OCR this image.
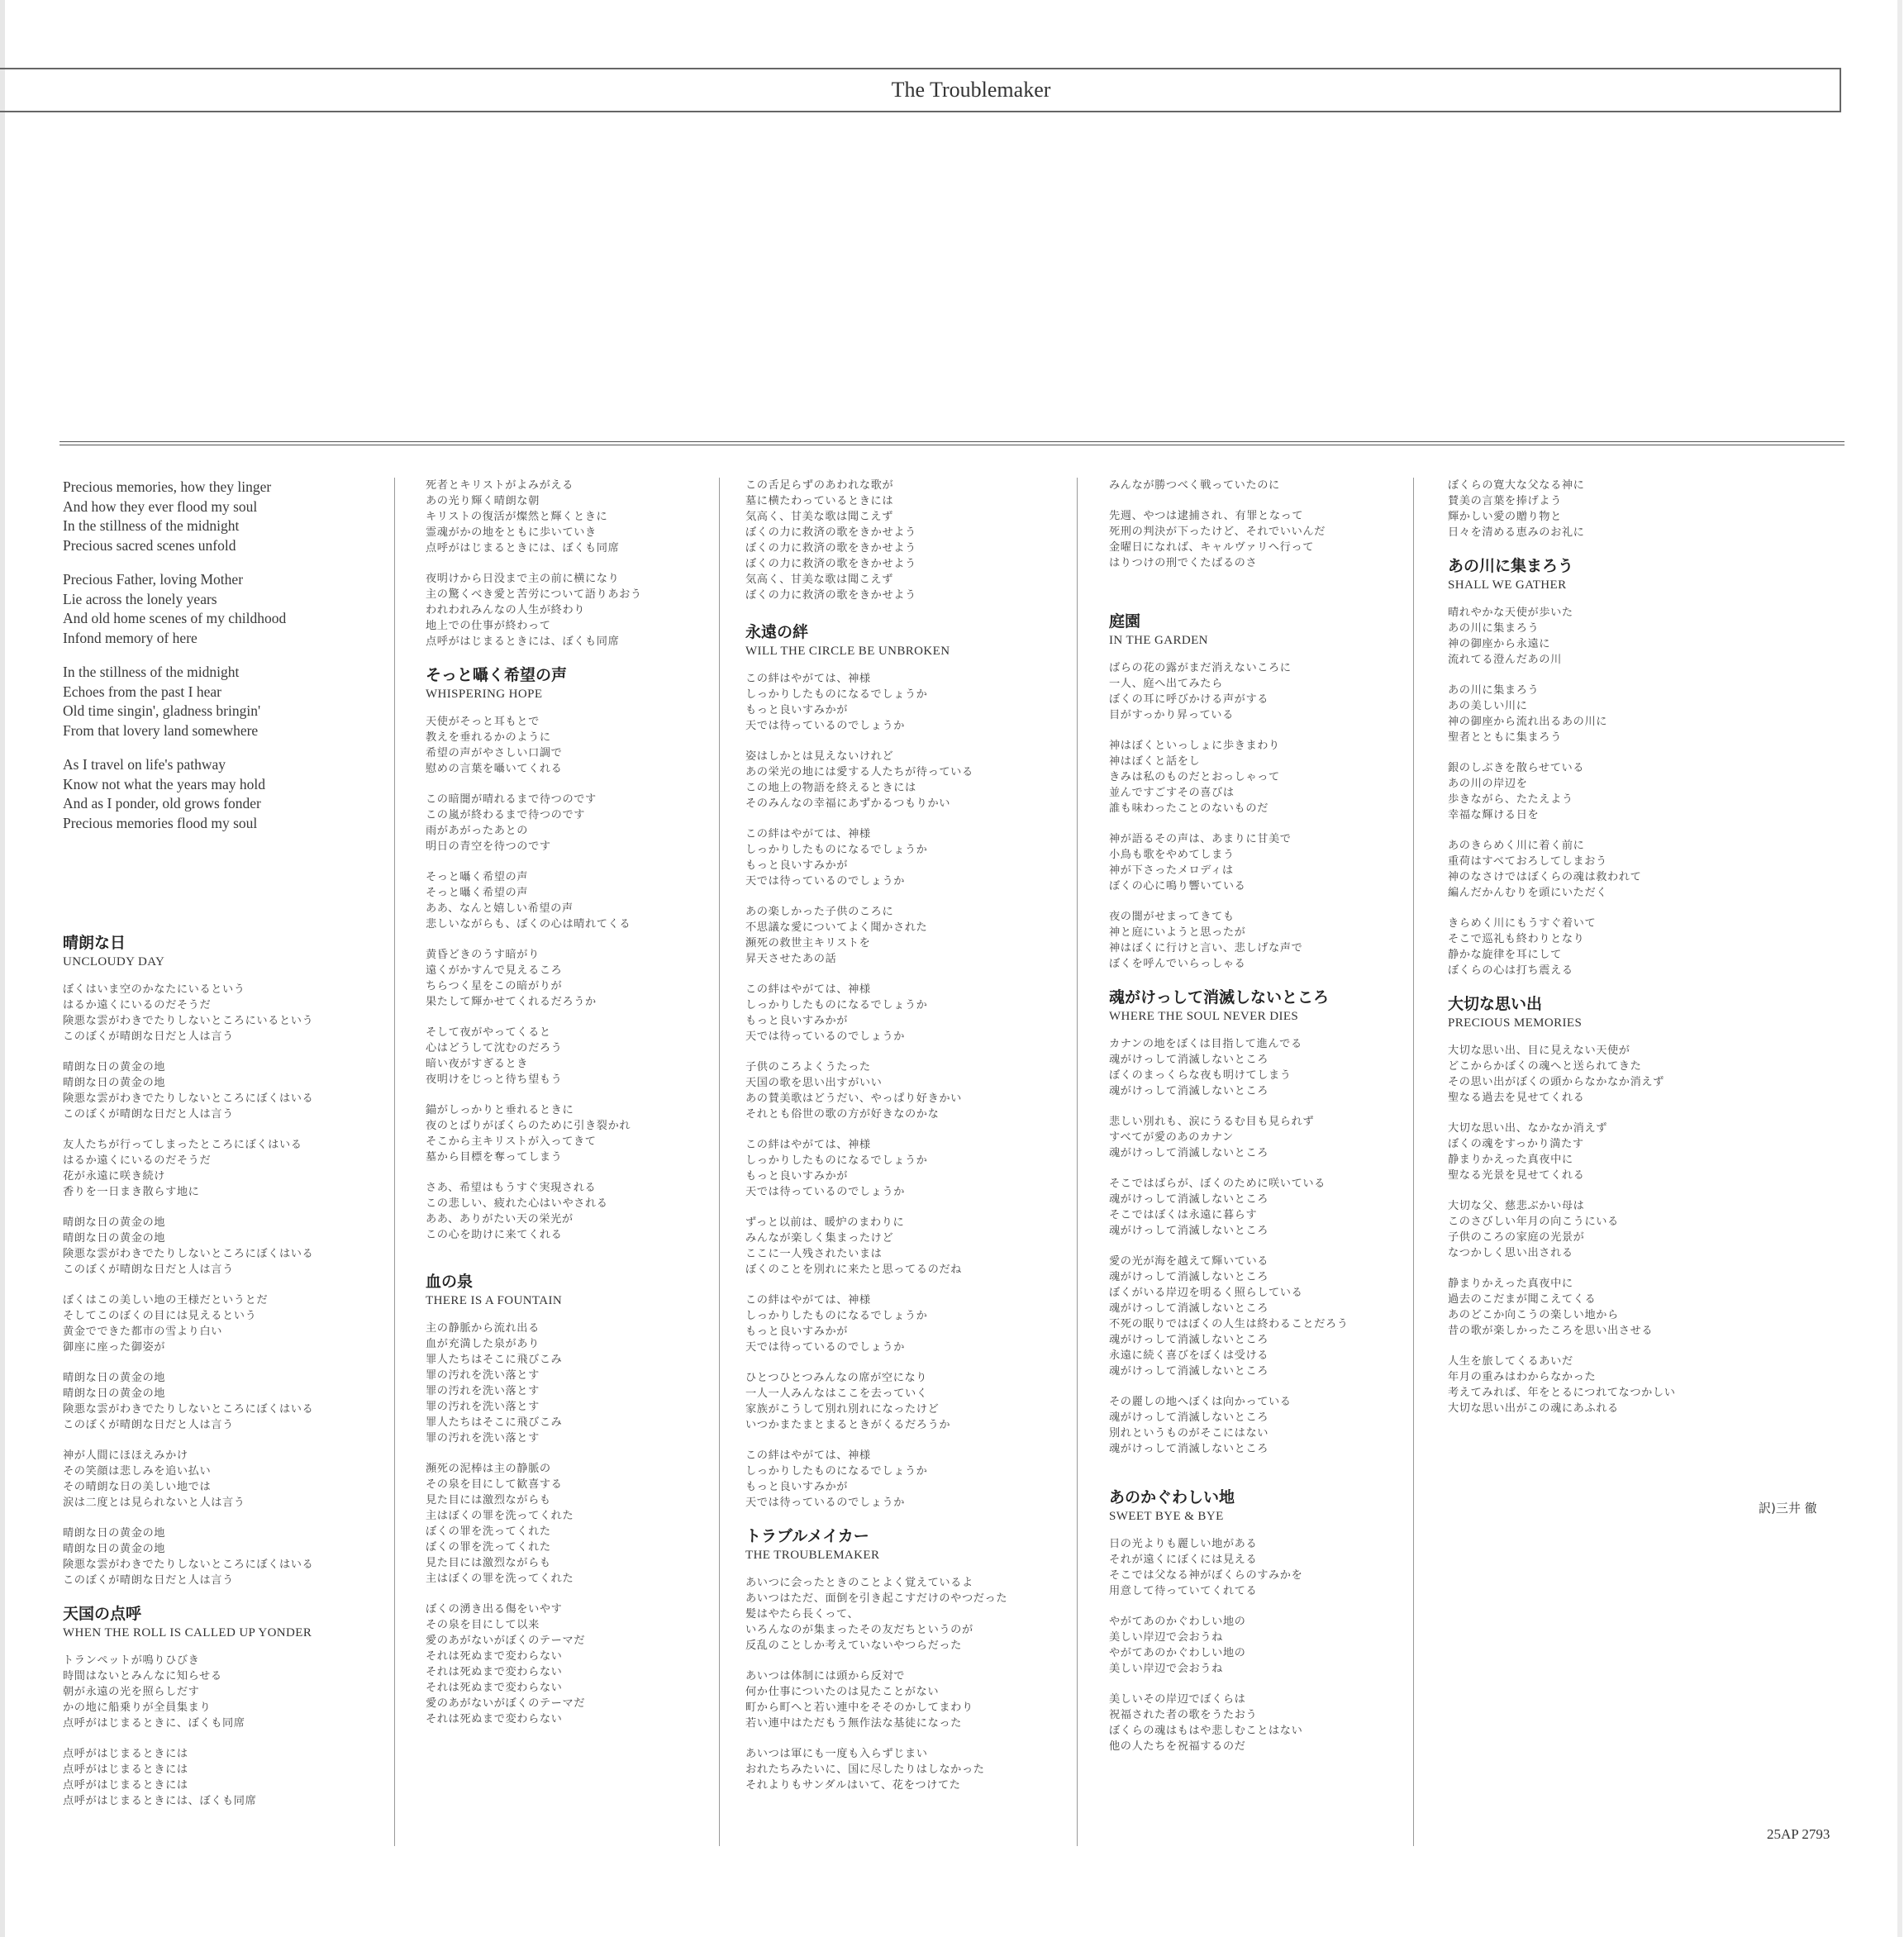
The Troublemaker
Precious memories, how they linger
And how they ever flood my soul
In the stillness of the midnight
Precious sacred scenes unfold
Precious Father, loving Mother
Lie across the lonely years
And old home scenes of my childhood
Infond memory of here
In the stillness of the midnight
Echoes from the past I hear
Old time singin', gladness bringin'
From that lovery land somewhere
As I travel on life's pathway
Know not what the years may hold
And as I ponder, old grows fonder
Precious memories flood my soul
晴朗な日
UNCLOUDY DAY
ぼくはいま空のかなたにいるという
はるか遠くにいるのだそうだ
険悪な雲がわきでたりしないところにいるという
このぼくが晴朗な日だと人は言う
晴朗な日の黄金の地
晴朗な日の黄金の地
険悪な雲がわきでたりしないところにぼくはいる
このぼくが晴朗な日だと人は言う
友人たちが行ってしまったところにぼくはいる
はるか遠くにいるのだそうだ
花が永遠に咲き続け
香りを一日まき散らす地に
晴朗な日の黄金の地
晴朗な日の黄金の地
険悪な雲がわきでたりしないところにぼくはいる
このぼくが晴朗な日だと人は言う
ぼくはこの美しい地の王様だというとだ
そしてこのぼくの目には見えるという
黄金でできた都市の雪より白い
御座に座った御姿が
晴朗な日の黄金の地
晴朗な日の黄金の地
険悪な雲がわきでたりしないところにぼくはいる
このぼくが晴朗な日だと人は言う
神が人間にほほえみかけ
その笑顔は悲しみを追い払い
その晴朗な日の美しい地では
涙は二度とは見られないと人は言う
晴朗な日の黄金の地
晴朗な日の黄金の地
険悪な雲がわきでたりしないところにぼくはいる
このぼくが晴朗な日だと人は言う
天国の点呼
WHEN THE ROLL IS CALLED UP YONDER
トランペットが鳴りひびき
時間はないとみんなに知らせる
朝が永遠の光を照らしだす
かの地に船乗りが全員集まり
点呼がはじまるときに、ぼくも同席
点呼がはじまるときには
点呼がはじまるときには
点呼がはじまるときには
点呼がはじまるときには、ぼくも同席
死者とキリストがよみがえる
あの光り輝く晴朗な朝
キリストの復活が燦然と輝くときに
霊魂がかの地をともに歩いていき
点呼がはじまるときには、ぼくも同席
夜明けから日没まで主の前に横になり
主の驚くべき愛と苦労について語りあおう
われわれみんなの人生が終わり
地上での仕事が終わって
点呼がはじまるときには、ぼくも同席
そっと囁く希望の声
WHISPERING HOPE
天使がそっと耳もとで
教えを垂れるかのように
希望の声がやさしい口調で
慰めの言葉を囁いてくれる
この暗闇が晴れるまで待つのです
この嵐が終わるまで待つのです
雨があがったあとの
明日の青空を待つのです
そっと囁く希望の声
そっと囁く希望の声
ああ、なんと嬉しい希望の声
悲しいながらも、ぼくの心は晴れてくる
黄昏どきのうす暗がり
遠くがかすんで見えるころ
ちらつく星をこの暗がりが
果たして輝かせてくれるだろうか
そして夜がやってくると
心はどうして沈むのだろう
暗い夜がすぎるとき
夜明けをじっと待ち望もう
錨がしっかりと垂れるときに
夜のとばりがぼくらのために引き裂かれ
そこから主キリストが入ってきて
墓から目標を奪ってしまう
さあ、希望はもうすぐ実現される
この悲しい、疲れた心はいやされる
ああ、ありがたい天の栄光が
この心を助けに来てくれる
血の泉
THERE IS A FOUNTAIN
主の静脈から流れ出る
血が充満した泉があり
罪人たちはそこに飛びこみ
罪の汚れを洗い落とす
罪の汚れを洗い落とす
罪の汚れを洗い落とす
罪人たちはそこに飛びこみ
罪の汚れを洗い落とす
瀕死の泥棒は主の静脈の
その泉を目にして歓喜する
見た目には激烈ながらも
主はぼくの罪を洗ってくれた
ぼくの罪を洗ってくれた
ぼくの罪を洗ってくれた
見た目には激烈ながらも
主はぼくの罪を洗ってくれた
ぼくの湧き出る傷をいやす
その泉を目にして以来
愛のあがないがぼくのテーマだ
それは死ぬまで変わらない
それは死ぬまで変わらない
それは死ぬまで変わらない
愛のあがないがぼくのテーマだ
それは死ぬまで変わらない
この舌足らずのあわれな歌が
墓に横たわっているときには
気高く、甘美な歌は聞こえず
ぼくの力に救済の歌をきかせよう
ぼくの力に救済の歌をきかせよう
ぼくの力に救済の歌をきかせよう
気高く、甘美な歌は聞こえず
ぼくの力に救済の歌をきかせよう
永遠の絆
WILL THE CIRCLE BE UNBROKEN
この絆はやがては、神様
しっかりしたものになるでしょうか
もっと良いすみかが
天では待っているのでしょうか
姿はしかとは見えないけれど
あの栄光の地には愛する人たちが待っている
この地上の物語を終えるときには
そのみんなの幸福にあずかるつもりかい
この絆はやがては、神様
しっかりしたものになるでしょうか
もっと良いすみかが
天では待っているのでしょうか
あの楽しかった子供のころに
不思議な愛についてよく聞かされた
瀕死の救世主キリストを
昇天させたあの話
この絆はやがては、神様
しっかりしたものになるでしょうか
もっと良いすみかが
天では待っているのでしょうか
子供のころよくうたった
天国の歌を思い出すがいい
あの賛美歌はどうだい、やっぱり好きかい
それとも俗世の歌の方が好きなのかな
この絆はやがては、神様
しっかりしたものになるでしょうか
もっと良いすみかが
天では待っているのでしょうか
ずっと以前は、暖炉のまわりに
みんなが楽しく集まったけど
ここに一人残されたいまは
ぼくのことを別れに来たと思ってるのだね
この絆はやがては、神様
しっかりしたものになるでしょうか
もっと良いすみかが
天では待っているのでしょうか
ひとつひとつみんなの席が空になり
一人一人みんなはここを去っていく
家族がこうして別れ別れになったけど
いつかまたまとまるときがくるだろうか
この絆はやがては、神様
しっかりしたものになるでしょうか
もっと良いすみかが
天では待っているのでしょうか
トラブルメイカー
THE TROUBLEMAKER
あいつに会ったときのことよく覚えているよ
あいつはただ、面倒を引き起こすだけのやつだった
髪はやたら長くって、
いろんなのが集まったその友だちというのが
反乱のことしか考えていないやつらだった
あいつは体制には頭から反対で
何か仕事についたのは見たことがない
町から町へと若い連中をそそのかしてまわり
若い連中はただもう無作法な基徒になった
あいつは軍にも一度も入らずじまい
おれたちみたいに、国に尽したりはしなかった
それよりもサンダルはいて、花をつけてた
みんなが勝つべく戦っていたのに
先週、やつは逮捕され、有罪となって
死刑の判決が下ったけど、それでいいんだ
金曜日になれば、キャルヴァリへ行って
はりつけの刑でくたばるのさ
庭園
IN THE GARDEN
ばらの花の露がまだ消えないころに
一人、庭へ出てみたら
ぼくの耳に呼びかける声がする
目がすっかり昇っている
神はぼくといっしょに歩きまわり
神はぼくと話をし
きみは私のものだとおっしゃって
並んですごすその喜びは
誰も味わったことのないものだ
神が語るその声は、あまりに甘美で
小鳥も歌をやめてしまう
神が下さったメロディは
ぼくの心に鳴り響いている
夜の闇がせまってきても
神と庭にいようと思ったが
神はぼくに行けと言い、悲しげな声で
ぼくを呼んでいらっしゃる
魂がけっして消滅しないところ
WHERE THE SOUL NEVER DIES
カナンの地をぼくは目指して進んでる
魂がけっして消滅しないところ
ぼくのまっくらな夜も明けてしまう
魂がけっして消滅しないところ
悲しい別れも、涙にうるむ目も見られず
すべてが愛のあのカナン
魂がけっして消滅しないところ
そこではばらが、ぼくのために咲いている
魂がけっして消滅しないところ
そこではぼくは永遠に暮らす
魂がけっして消滅しないところ
愛の光が海を越えて輝いている
魂がけっして消滅しないところ
ぼくがいる岸辺を明るく照らしている
魂がけっして消滅しないところ
不死の眠りではぼくの人生は終わることだろう
魂がけっして消滅しないところ
永遠に続く喜びをぼくは受ける
魂がけっして消滅しないところ
その麗しの地へぼくは向かっている
魂がけっして消滅しないところ
別れというものがそこにはない
魂がけっして消滅しないところ
あのかぐわしい地
SWEET BYE & BYE
日の光よりも麗しい地がある
それが遠くにぼくには見える
そこでは父なる神がぼくらのすみかを
用意して待っていてくれてる
やがてあのかぐわしい地の
美しい岸辺で会おうね
やがてあのかぐわしい地の
美しい岸辺で会おうね
美しいその岸辺でぼくらは
祝福された者の歌をうたおう
ぼくらの魂はもはや悲しむことはない
他の人たちを祝福するのだ
ぼくらの寛大な父なる神に
賛美の言葉を捧げよう
輝かしい愛の贈り物と
日々を清める恵みのお礼に
あの川に集まろう
SHALL WE GATHER
晴れやかな天使が歩いた
あの川に集まろう
神の御座から永遠に
流れてる澄んだあの川
あの川に集まろう
あの美しい川に
神の御座から流れ出るあの川に
聖者とともに集まろう
銀のしぶきを散らせている
あの川の岸辺を
歩きながら、たたえよう
幸福な輝ける日を
あのきらめく川に着く前に
重荷はすべておろしてしまおう
神のなさけではぼくらの魂は救われて
編んだかんむりを頭にいただく
きらめく川にもうすぐ着いて
そこで巡礼も終わりとなり
静かな旋律を耳にして
ぼくらの心は打ち震える
大切な思い出
PRECIOUS MEMORIES
大切な思い出、目に見えない天使が
どこからかぼくの魂へと送られてきた
その思い出がぼくの頭からなかなか消えず
聖なる過去を見せてくれる
大切な思い出、なかなか消えず
ぼくの魂をすっかり満たす
静まりかえった真夜中に
聖なる光景を見せてくれる
大切な父、慈悲ぶかい母は
このさびしい年月の向こうにいる
子供のころの家庭の光景が
なつかしく思い出される
静まりかえった真夜中に
過去のこだまが聞こえてくる
あのどこか向こうの楽しい地から
昔の歌が楽しかったころを思い出させる
人生を旅してくるあいだ
年月の重みはわからなかった
考えてみれば、年をとるにつれてなつかしい
大切な思い出がこの魂にあふれる
訳)三井 徹
25AP 2793
